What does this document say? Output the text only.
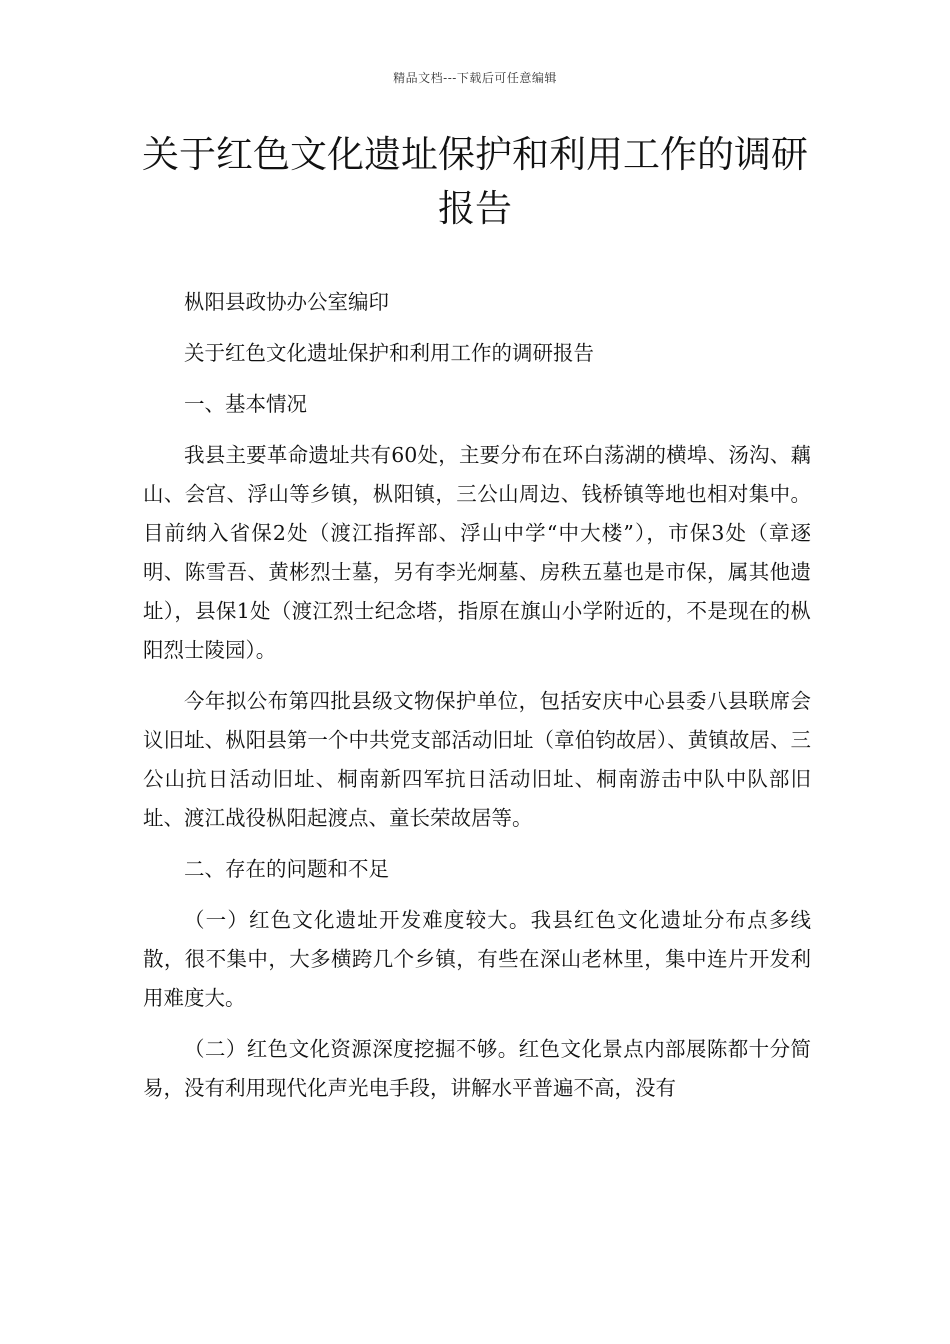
精品文档---下载后可任意编辑
关于红色文化遗址保护和利用工作的调研报告

枞阳县政协办公室编印

关于红色文化遗址保护和利用工作的调研报告

一、基本情况

我县主要革命遗址共有60处，主要分布在环白荡湖的横埠、汤沟、藕山、会宫、浮山等乡镇，枞阳镇，三公山周边、钱桥镇等地也相对集中。目前纳入省保2处（渡江指挥部、浮山中学“中大楼”），市保3处（章逐明、陈雪吾、黄彬烈士墓，另有李光炯墓、房秩五墓也是市保，属其他遗址），县保1处（渡江烈士纪念塔，指原在旗山小学附近的，不是现在的枞阳烈士陵园）。

今年拟公布第四批县级文物保护单位，包括安庆中心县委八县联席会议旧址、枞阳县第一个中共党支部活动旧址（章伯钧故居）、黄镇故居、三公山抗日活动旧址、桐南新四军抗日活动旧址、桐南游击中队中队部旧址、渡江战役枞阳起渡点、童长荣故居等。

二、存在的问题和不足

（一）红色文化遗址开发难度较大。我县红色文化遗址分布点多线散，很不集中，大多横跨几个乡镇，有些在深山老林里，集中连片开发利用难度大。

（二）红色文化资源深度挖掘不够。红色文化景点内部展陈都十分简易，没有利用现代化声光电手段，讲解水平普遍不高，没有
